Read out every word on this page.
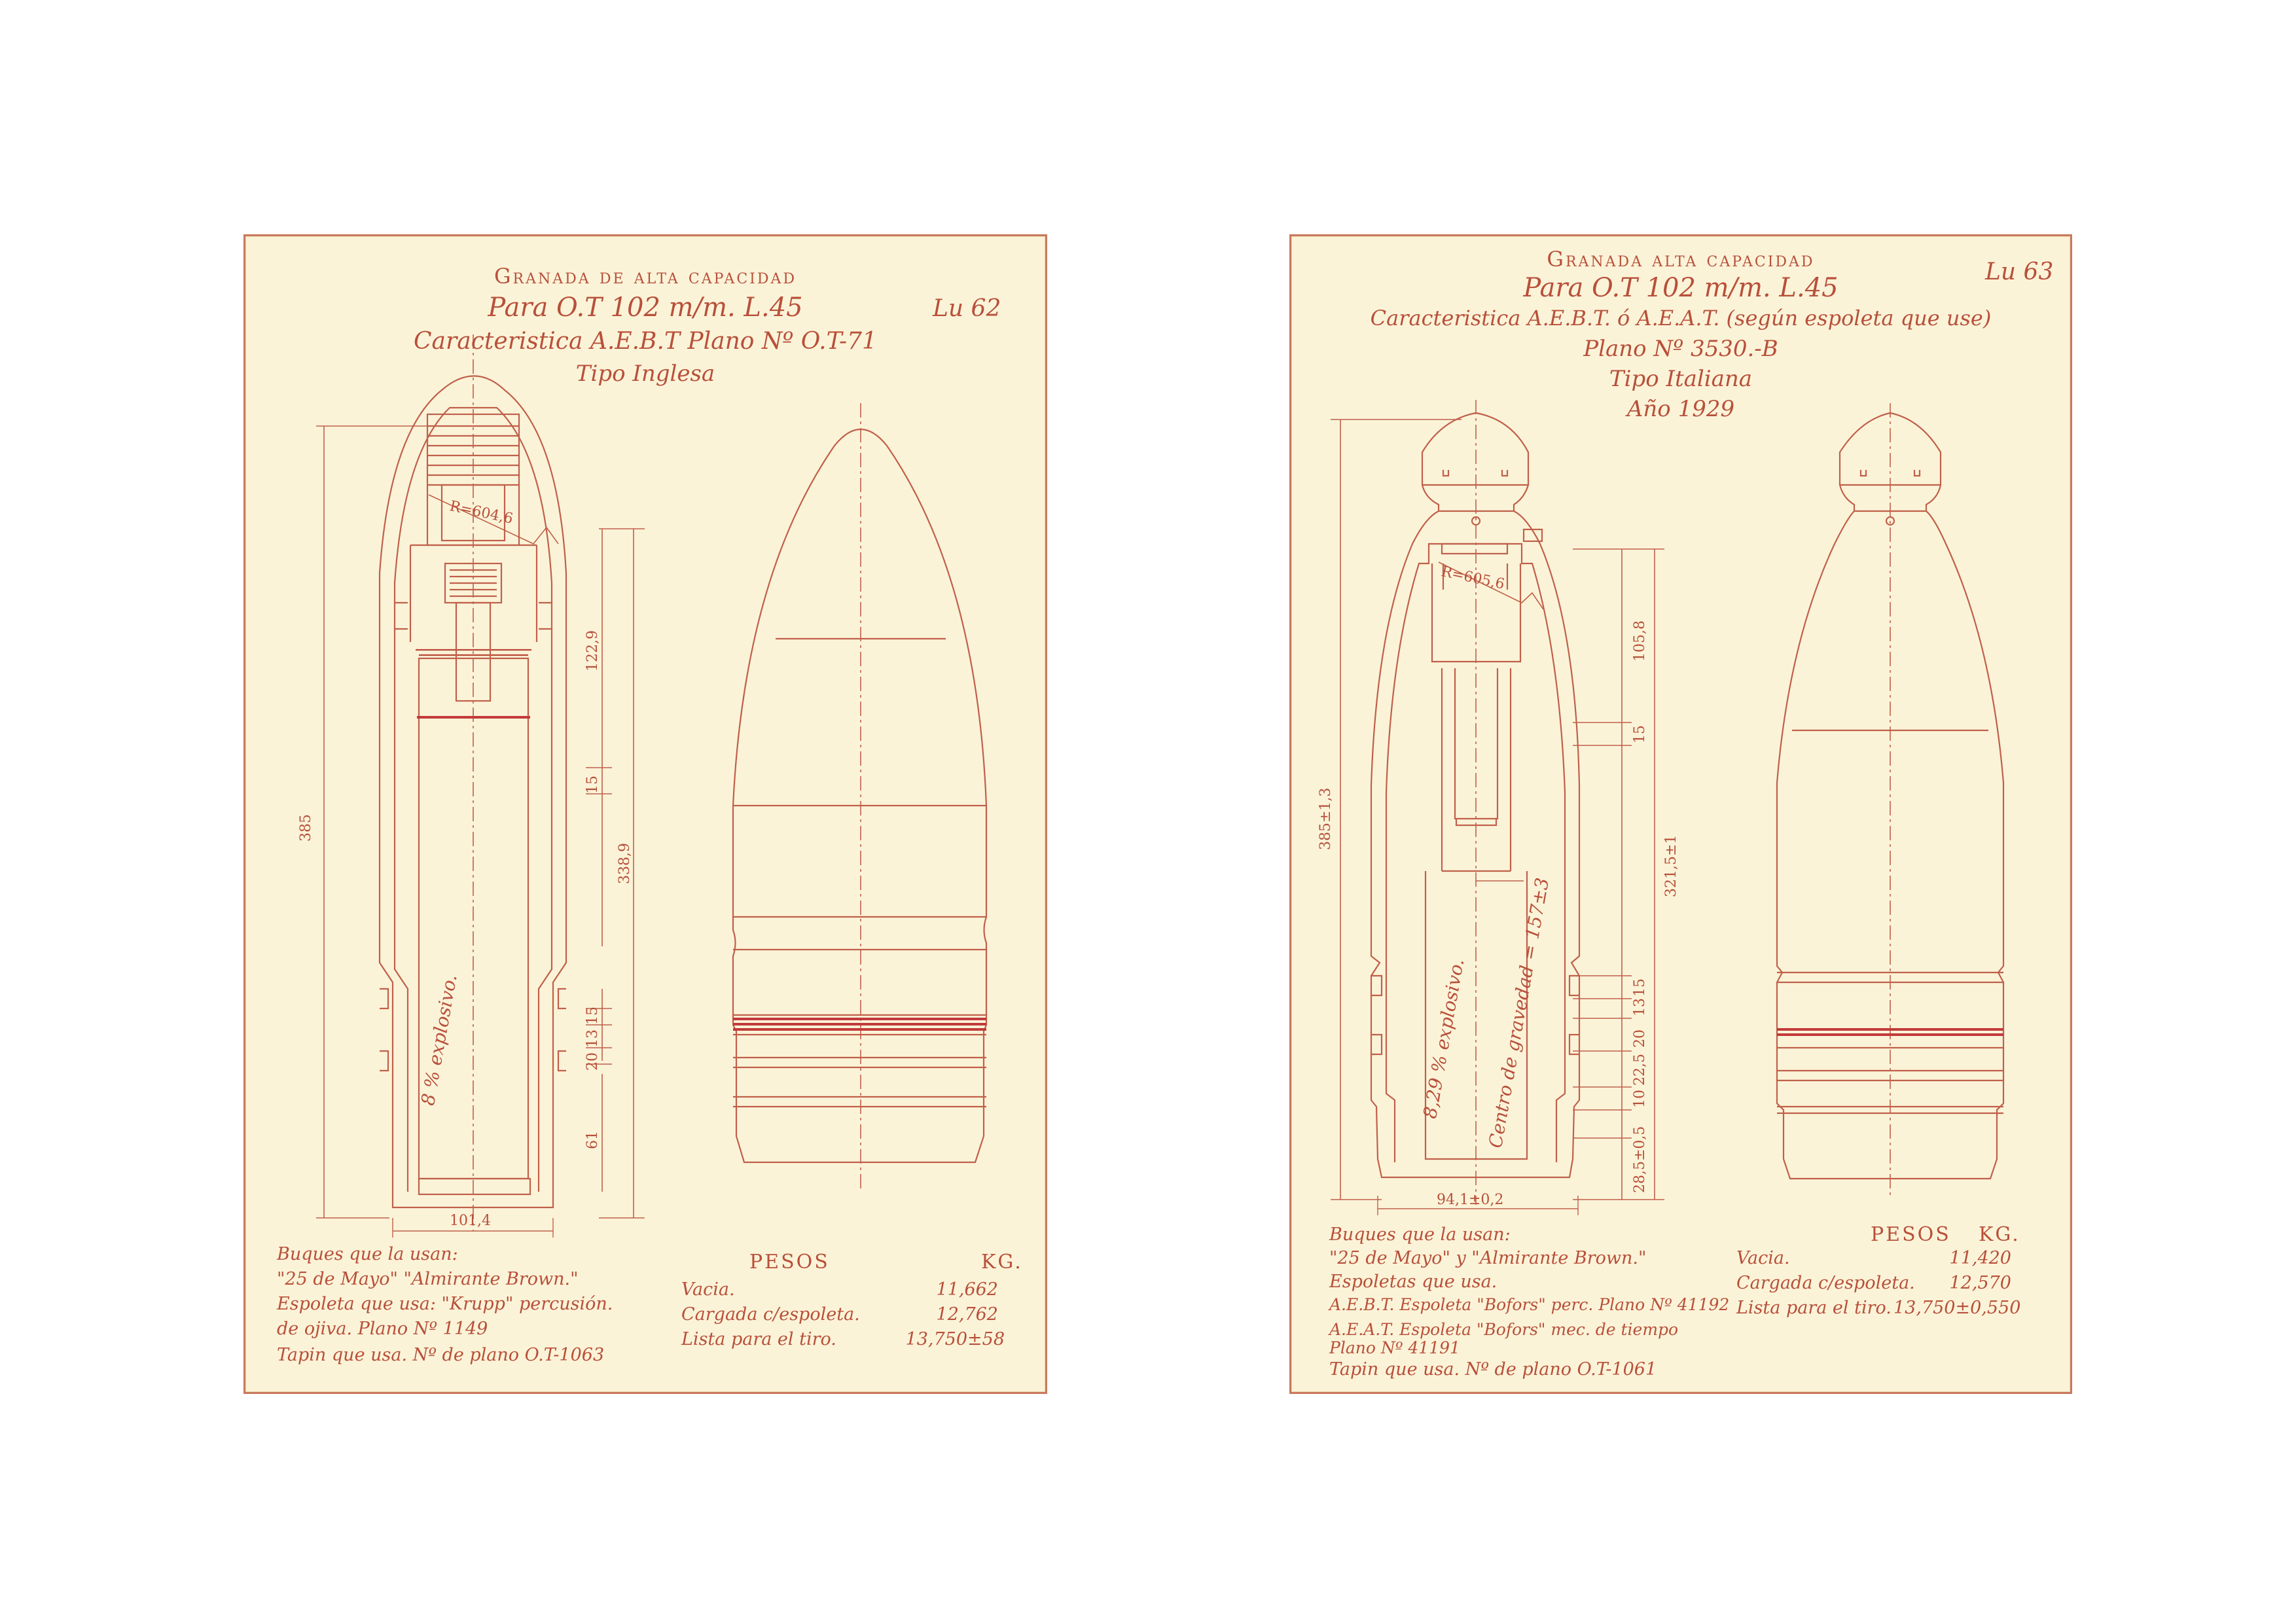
Granada de alta capacidad
Para O.T 102 m/m. L.45
Caracteristica A.E.B.T Plano Nº O.T-71
Tipo Inglesa
Lu 62
385
122,9
338,9
15
15
13
20
61
101,4
R=604,6
8 % explosivo.
Buques que la usan:
"25 de Mayo" "Almirante Brown."
Espoleta que usa: "Krupp" percusión.
de ojiva. Plano Nº 1149
Tapin que usa. Nº de plano O.T-1063
PESOS	KG.
Vacia.	11,662
Cargada c/espoleta.	12,762
Lista para el tiro.	13,750±58
Granada alta capacidad
Para O.T 102 m/m. L.45
Caracteristica A.E.B.T. ó A.E.A.T. (según espoleta que use)
Plano Nº 3530.-B
Tipo Italiana
Año 1929
Lu 63
385±1,3
105,8
15
321,5±1
15
13
20
22,5
10
28,5±0,5
94,1±0,2
R=605,6
8,29 % explosivo. Centro de gravedad = 157±3
Buques que la usan:
"25 de Mayo" y "Almirante Brown."
Espoletas que usa.
A.E.B.T. Espoleta "Bofors" perc. Plano Nº 41192
A.E.A.T. Espoleta "Bofors" mec. de tiempo
Plano Nº 41191
Tapin que usa. Nº de plano O.T-1061
PESOS KG.
Vacia.	11,420
Cargada c/espoleta.	12,570
Lista para el tiro. 13,750±0,550
